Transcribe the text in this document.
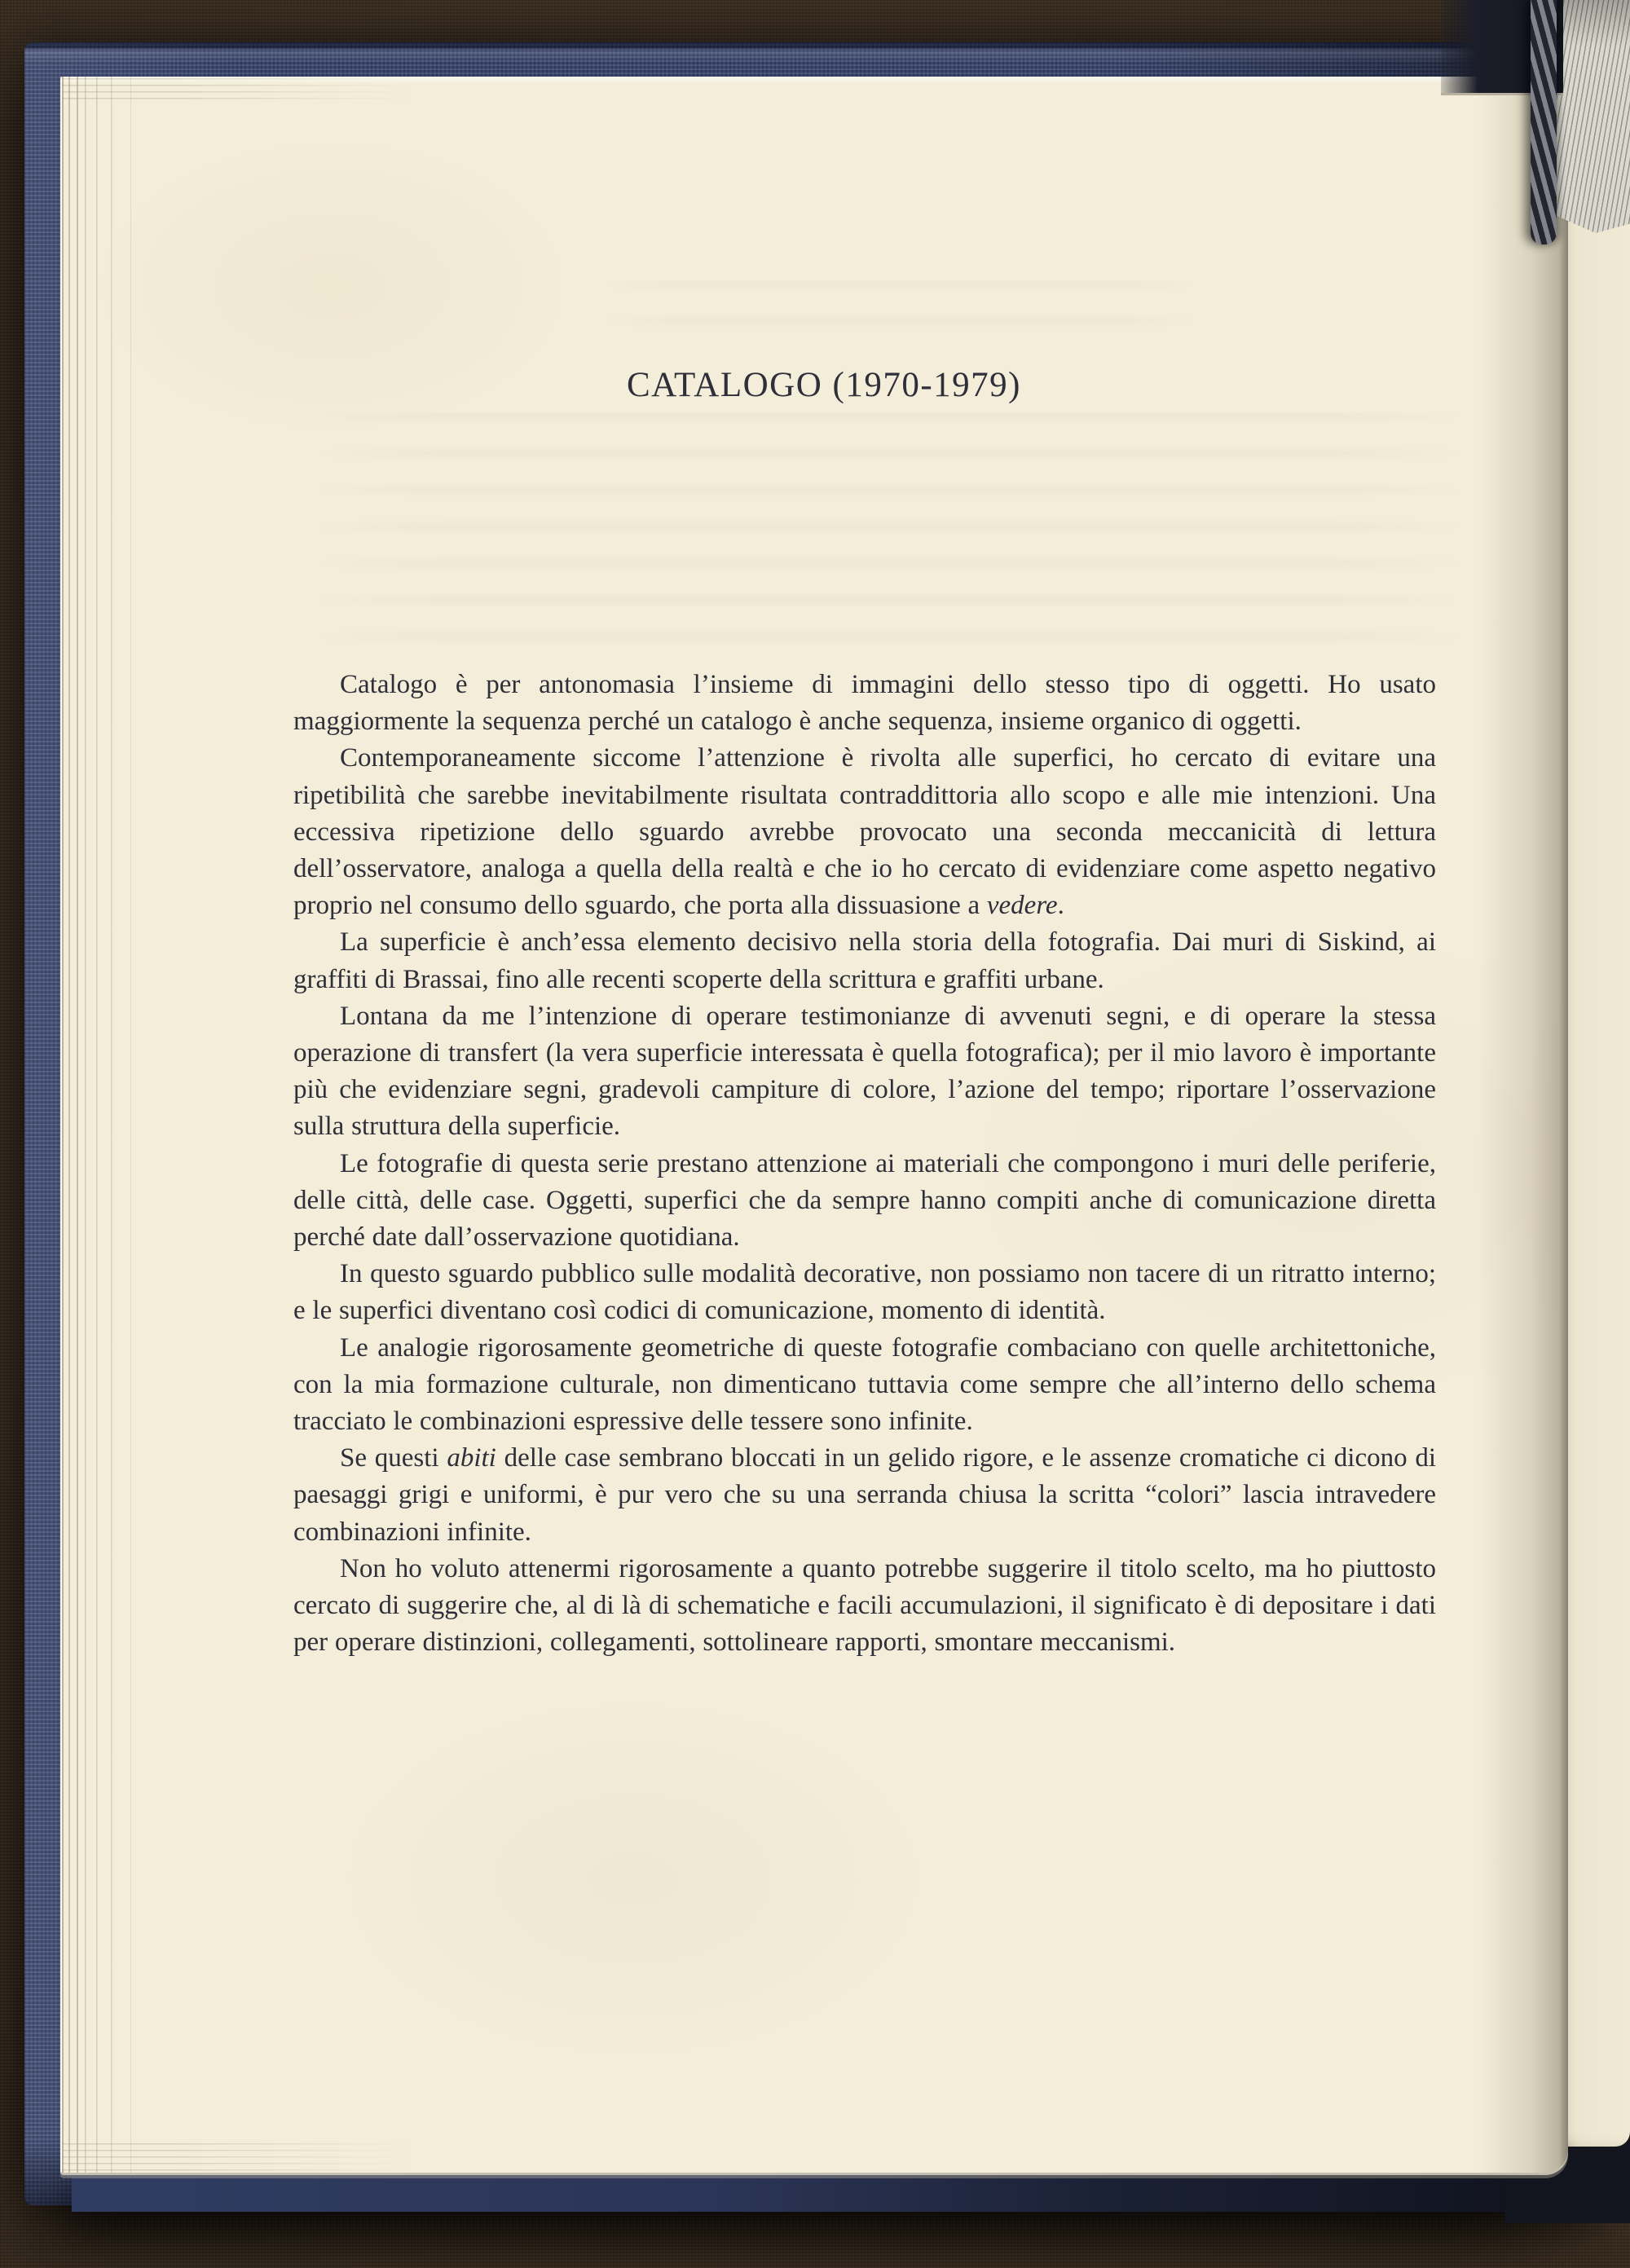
CATALOGO (1970-1979)

Catalogo è per antonomasia l’insieme di immagini dello stesso tipo di oggetti. Ho usato maggiormente la sequenza perché un catalogo è anche sequenza, insieme organico di oggetti.

Contemporaneamente siccome l’attenzione è rivolta alle superfici, ho cercato di evitare una ripetibilità che sarebbe inevitabilmente risultata contraddittoria allo scopo e alle mie intenzioni. Una eccessiva ripetizione dello sguardo avrebbe provocato una seconda meccanicità di lettura dell’osservatore, analoga a quella della realtà e che io ho cercato di evidenziare come aspetto negativo proprio nel consumo dello sguardo, che porta alla dissuasione a vedere.

La superficie è anch’essa elemento decisivo nella storia della fotografia. Dai muri di Siskind, ai graffiti di Brassai, fino alle recenti scoperte della scrittura e graffiti urbane.

Lontana da me l’intenzione di operare testimonianze di avvenuti segni, e di operare la stessa operazione di transfert (la vera superficie interessata è quella fotografica); per il mio lavoro è importante più che evidenziare segni, gradevoli campiture di colore, l’azione del tempo; riportare l’osservazione sulla struttura della superficie.

Le fotografie di questa serie prestano attenzione ai materiali che compongono i muri delle periferie, delle città, delle case. Oggetti, superfici che da sempre hanno compiti anche di comunicazione diretta perché date dall’osservazione quotidiana.

In questo sguardo pubblico sulle modalità decorative, non possiamo non tacere di un ritratto interno; e le superfici diventano così codici di comunicazione, momento di identità.

Le analogie rigorosamente geometriche di queste fotografie combaciano con quelle architettoniche, con la mia formazione culturale, non dimenticano tuttavia come sempre che all’interno dello schema tracciato le combinazioni espressive delle tessere sono infinite.

Se questi abiti delle case sembrano bloccati in un gelido rigore, e le assenze cromatiche ci dicono di paesaggi grigi e uniformi, è pur vero che su una serranda chiusa la scritta “colori” lascia intravedere combinazioni infinite.

Non ho voluto attenermi rigorosamente a quanto potrebbe suggerire il titolo scelto, ma ho piuttosto cercato di suggerire che, al di là di schematiche e facili accumulazioni, il significato è di depositare i dati per operare distinzioni, collegamenti, sottolineare rapporti, smontare meccanismi.
